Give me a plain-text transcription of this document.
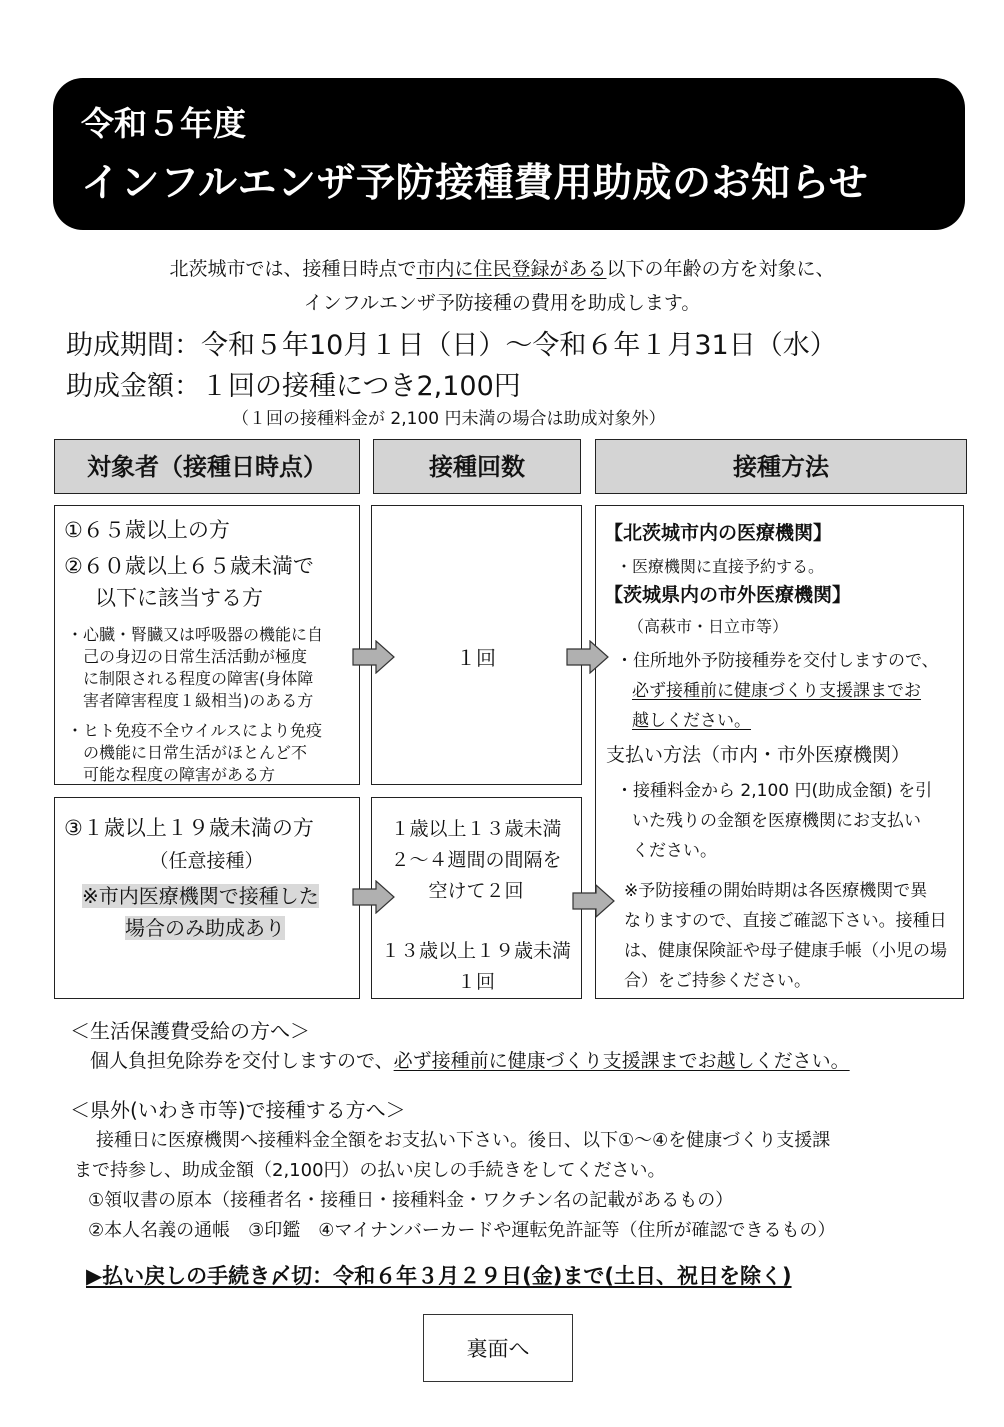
令和５年度
インフルエンザ予防接種費用助成のお知らせ
北茨城市では、接種日時点で市内に住民登録がある以下の年齢の方を対象に、
インフルエンザ予防接種の費用を助成します。
助成期間：令和５年10月１日（日）～令和６年１月31日（水）
助成金額：１回の接種につき2,100円
（１回の接種料金が 2,100 円未満の場合は助成対象外）
対象者（接種日時点）	接種回数	接種方法
①６５歳以上の方
②６０歳以上６５歳未満で
以下に該当する方
・心臓・腎臓又は呼吸器の機能に自
己の身辺の日常生活活動が極度
に制限される程度の障害(身体障
害者障害程度１級相当)のある方
・ヒト免疫不全ウイルスにより免疫
の機能に日常生活がほとんど不
可能な程度の障害がある方
１回
③１歳以上１９歳未満の方
（任意接種）
※市内医療機関で接種した
場合のみ助成あり
１歳以上１３歳未満
２～４週間の間隔を
空けて２回
１３歳以上１９歳未満
１回
【北茨城市内の医療機関】
・医療機関に直接予約する。
【茨城県内の市外医療機関】
（高萩市・日立市等）
・住所地外予防接種券を交付しますので、
必ず接種前に健康づくり支援課までお
越しください。
支払い方法（市内・市外医療機関）
・接種料金から 2,100 円(助成金額) を引
いた残りの金額を医療機関にお支払い
ください。
※予防接種の開始時期は各医療機関で異
なりますので、直接ご確認下さい。接種日
は、健康保険証や母子健康手帳（小児の場
合）をご持参ください。
＜生活保護費受給の方へ＞
個人負担免除券を交付しますので、必ず接種前に健康づくり支援課までお越しください。
＜県外(いわき市等)で接種する方へ＞
接種日に医療機関へ接種料金全額をお支払い下さい。後日、以下①～④を健康づくり支援課
まで持参し、助成金額（2,100円）の払い戻しの手続きをしてください。
①領収書の原本（接種者名・接種日・接種料金・ワクチン名の記載があるもの）
②本人名義の通帳　③印鑑　④マイナンバーカードや運転免許証等（住所が確認できるもの）
▶払い戻しの手続き〆切：令和６年３月２９日(金)まで(土日、祝日を除く)
裏面へ
